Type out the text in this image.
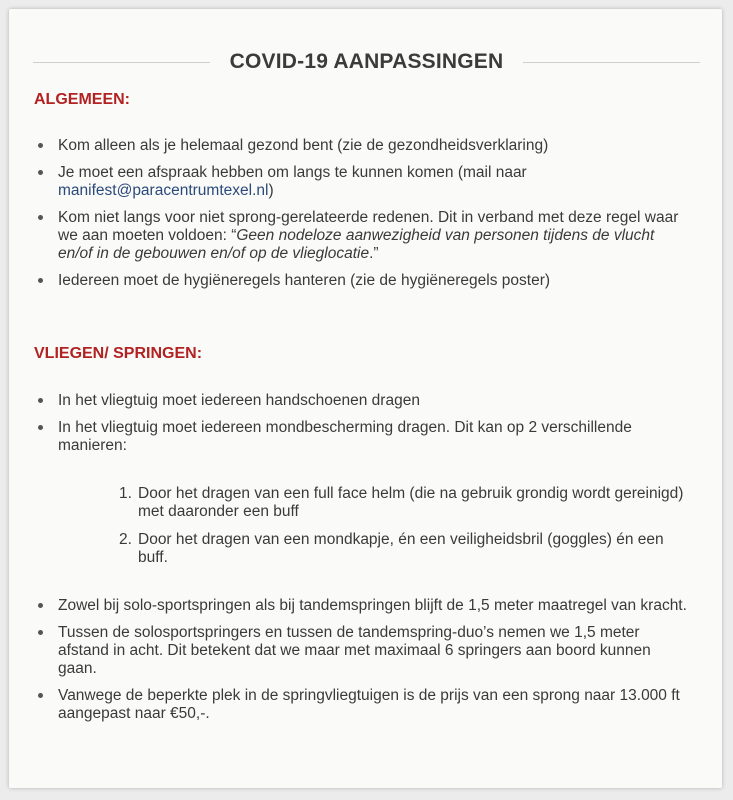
COVID-19 AANPASSINGEN
ALGEMEEN:
Kom alleen als je helemaal gezond bent (zie de gezondheidsverklaring)
Je moet een afspraak hebben om langs te kunnen komen (mail naar
manifest@paracentrumtexel.nl)
Kom niet langs voor niet sprong-gerelateerde redenen. Dit in verband met deze regel waar we aan moeten voldoen: “Geen nodeloze aanwezigheid van personen tijdens de vlucht en/of in de gebouwen en/of op de vlieglocatie.”
Iedereen moet de hygiëneregels hanteren (zie de hygiëneregels poster)
VLIEGEN/ SPRINGEN:
In het vliegtuig moet iedereen handschoenen dragen
In het vliegtuig moet iedereen mondbescherming dragen. Dit kan op 2 verschillende manieren:
1. Door het dragen van een full face helm (die na gebruik grondig wordt gereinigd) met daaronder een buff
2. Door het dragen van een mondkapje, én een veiligheidsbril (goggles) én een buff.
Zowel bij solo-sportspringen als bij tandemspringen blijft de 1,5 meter maatregel van kracht.
Tussen de solosportspringers en tussen de tandemspring-duo’s nemen we 1,5 meter afstand in acht. Dit betekent dat we maar met maximaal 6 springers aan boord kunnen gaan.
Vanwege de beperkte plek in de springvliegtuigen is de prijs van een sprong naar 13.000 ft aangepast naar €50,-.
